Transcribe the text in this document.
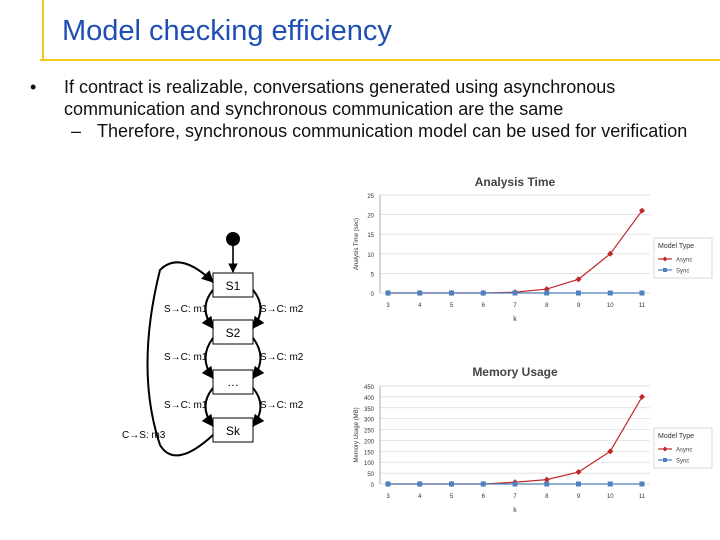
Model checking efficiency
• If contract is realizable, conversations generated using asynchronous communication and synchronous communication are the same
– Therefore, synchronous communication model can be used for verification
S1
S2
…
Sk
S→C: m1	S→C: m2
S→C: m1	S→C: m2
S→C: m1	S→C: m2
C→S: m3
Analysis Time
0
5
10
15
20
25
3	4	5	6	7	8	9	10	11
k
Analysis Time (sec)	Model Type
Async
Sync
Memory Usage
0
50
100
150
200
250
300
350
400
450
3	4	5	6	7	8	9	10	11
k
Memory Usage (MB)	Model Type
Async
Sync
